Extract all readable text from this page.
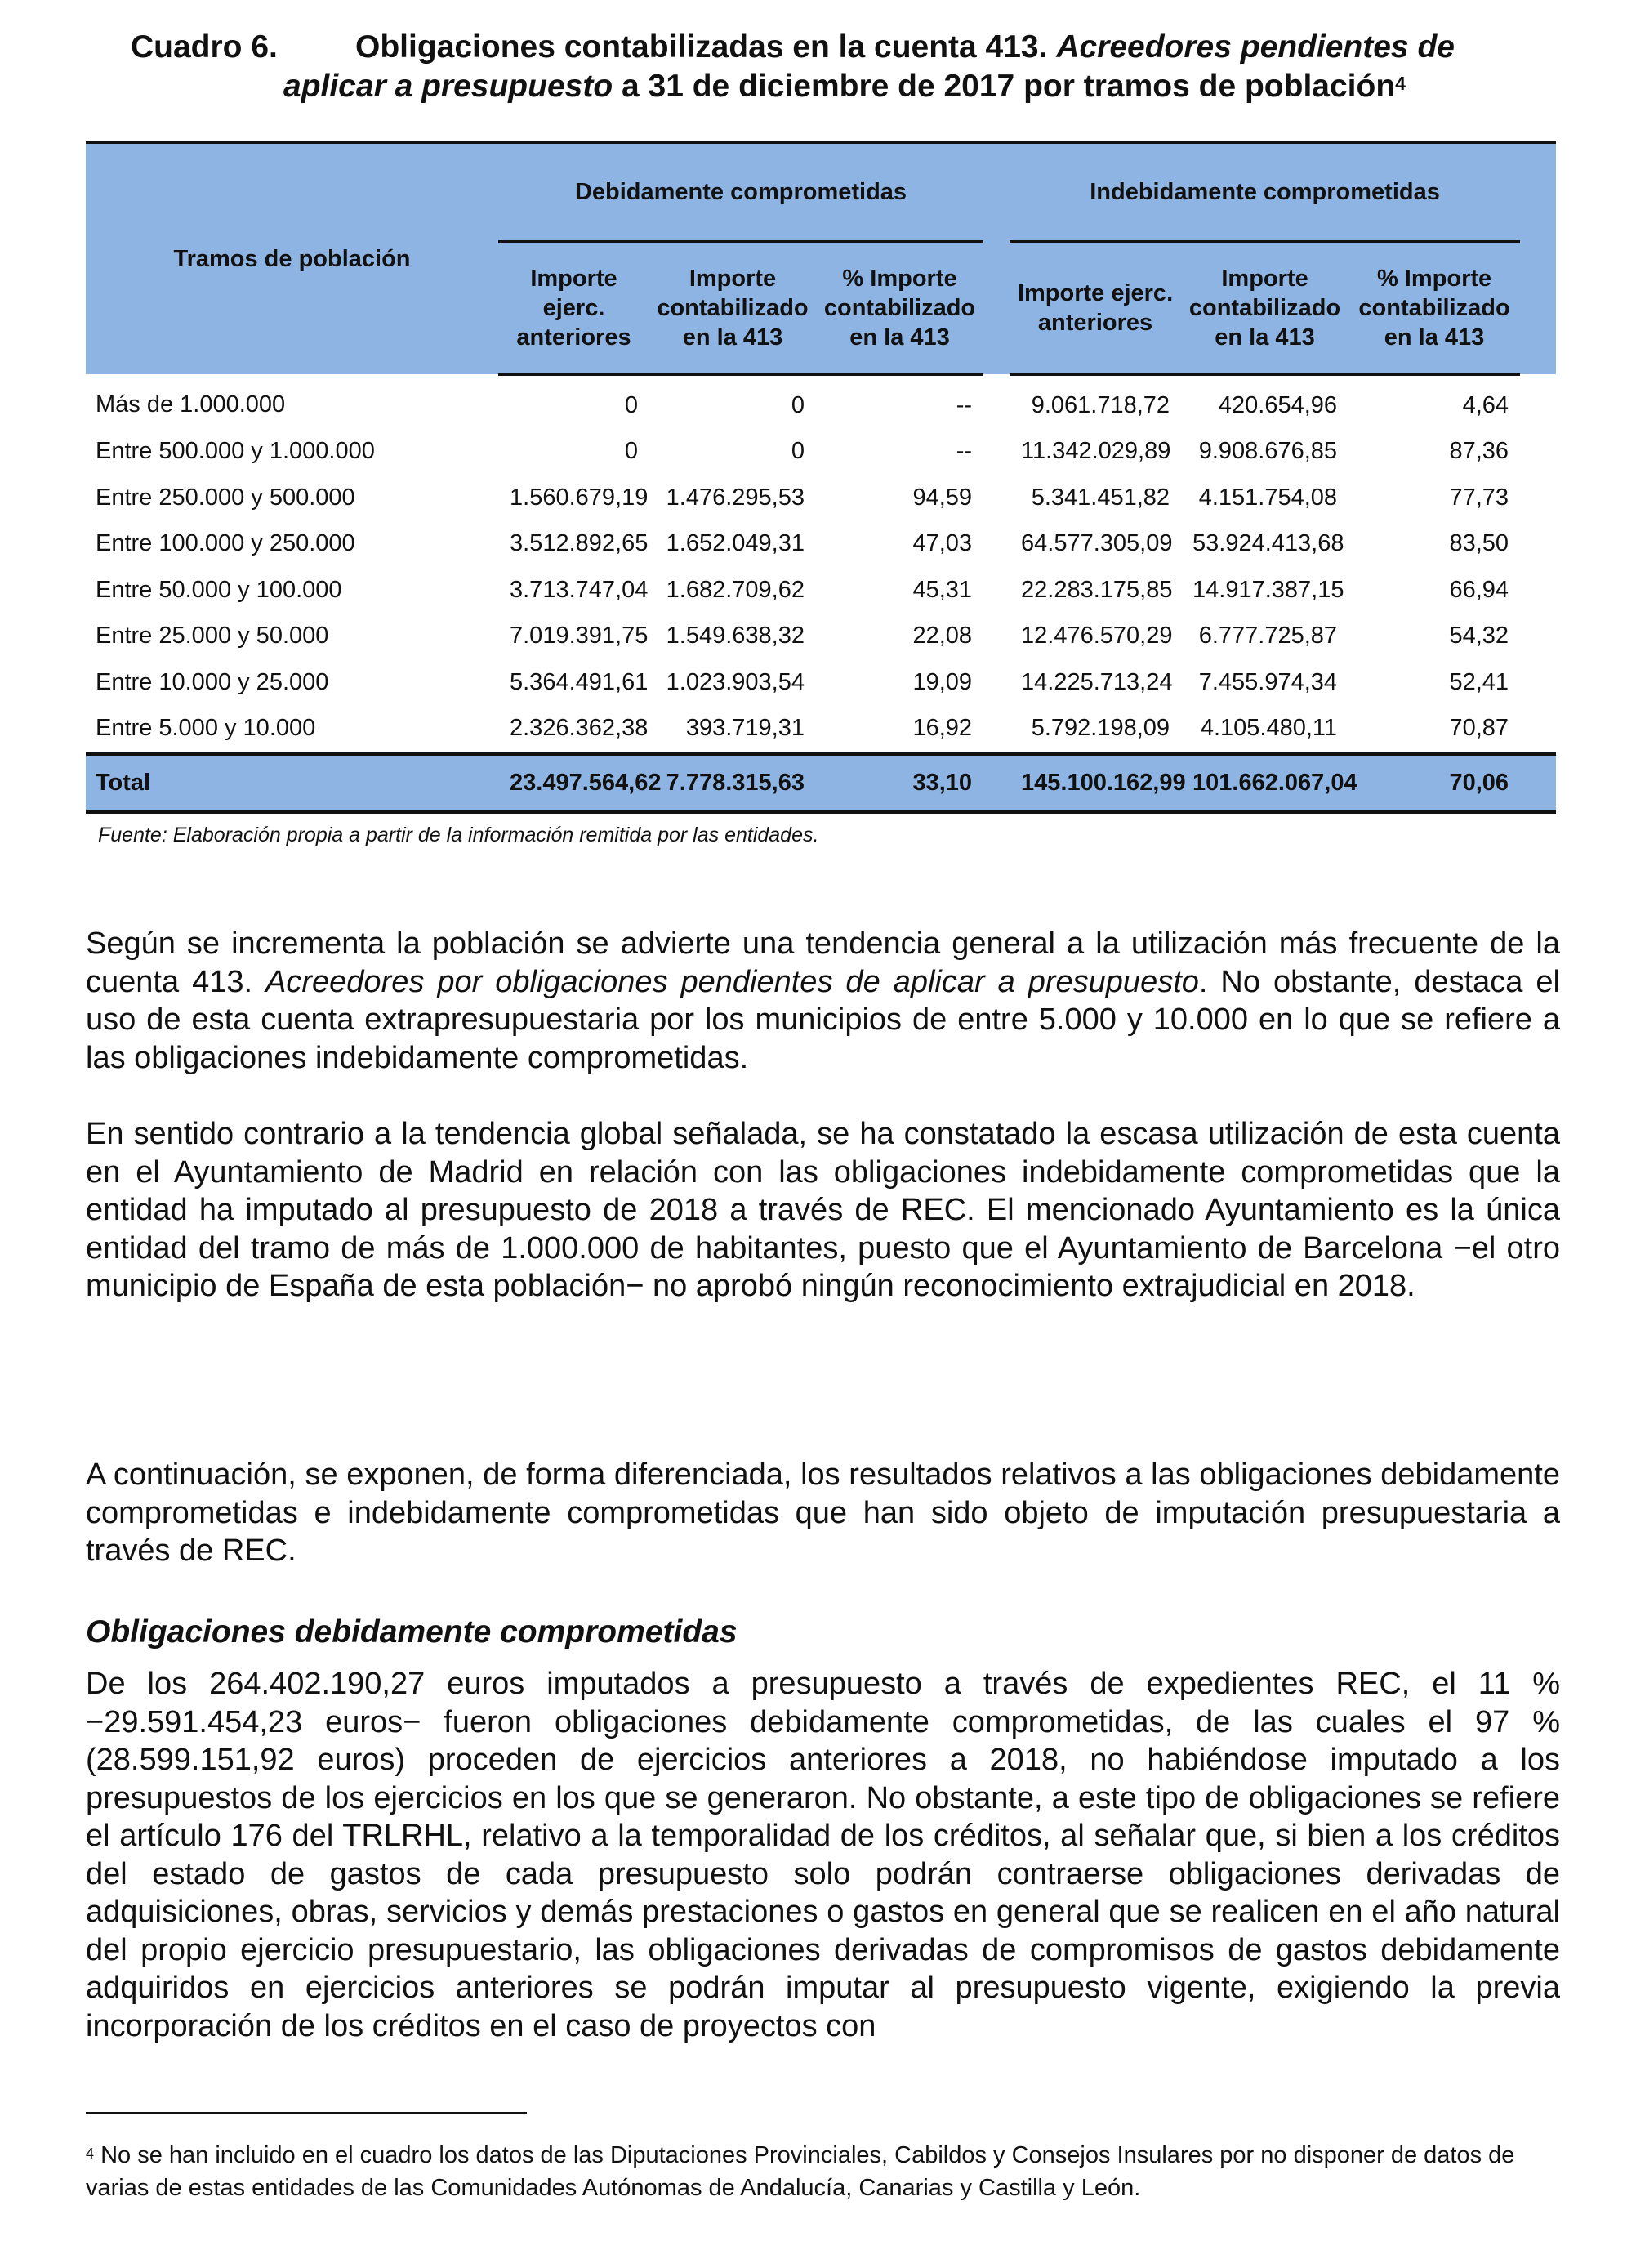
Cuadro 6. Obligaciones contabilizadas en la cuenta 413. Acreedores pendientes de
aplicar a presupuesto a 31 de diciembre de 2017 por tramos de población$^4$
Tramos de población	Debidamente comprometidas				Indebidamente comprometidas			
	Importe ejerc. anteriores	Importe contabilizado en la 413	% Importe contabilizado en la 413		Importe ejerc. anteriores	Importe contabilizado en la 413	% Importe contabilizado en la 413	
Más de 1.000.000	0	0	--		9.061.718,72	420.654,96	4,64	
Entre 500.000 y 1.000.000	0	0	--		11.342.029,89	9.908.676,85	87,36	
Entre 250.000 y 500.000	1.560.679,19	1.476.295,53	94,59		5.341.451,82	4.151.754,08	77,73	
Entre 100.000 y 250.000	3.512.892,65	1.652.049,31	47,03		64.577.305,09	53.924.413,68	83,50	
Entre 50.000 y 100.000	3.713.747,04	1.682.709,62	45,31		22.283.175,85	14.917.387,15	66,94	
Entre 25.000 y 50.000	7.019.391,75	1.549.638,32	22,08		12.476.570,29	6.777.725,87	54,32	
Entre 10.000 y 25.000	5.364.491,61	1.023.903,54	19,09		14.225.713,24	7.455.974,34	52,41	
Entre 5.000 y 10.000	2.326.362,38	393.719,31	16,92		5.792.198,09	4.105.480,11	70,87	
Total	23.497.564,62	7.778.315,63	33,10		145.100.162,99	101.662.067,04	70,06	
Fuente: Elaboración propia a partir de la información remitida por las entidades.

Según se incrementa la población se advierte una tendencia general a la utilización más frecuente de la cuenta 413. Acreedores por obligaciones pendientes de aplicar a presupuesto. No obstante, destaca el uso de esta cuenta extrapresupuestaria por los municipios de entre 5.000 y 10.000 en lo que se refiere a las obligaciones indebidamente comprometidas.

En sentido contrario a la tendencia global señalada, se ha constatado la escasa utilización de esta cuenta en el Ayuntamiento de Madrid en relación con las obligaciones indebidamente comprometidas que la entidad ha imputado al presupuesto de 2018 a través de REC. El mencionado Ayuntamiento es la única entidad del tramo de más de 1.000.000 de habitantes, puesto que el Ayuntamiento de Barcelona −el otro municipio de España de esta población− no aprobó ningún reconocimiento extrajudicial en 2018.

A continuación, se exponen, de forma diferenciada, los resultados relativos a las obligaciones debidamente comprometidas e indebidamente comprometidas que han sido objeto de imputación presupuestaria a través de REC.

Obligaciones debidamente comprometidas

De los 264.402.190,27 euros imputados a presupuesto a través de expedientes REC, el 11 % −29.591.454,23 euros− fueron obligaciones debidamente comprometidas, de las cuales el 97 % (28.599.151,92 euros) proceden de ejercicios anteriores a 2018, no habiéndose imputado a los presupuestos de los ejercicios en los que se generaron. No obstante, a este tipo de obligaciones se refiere el artículo 176 del TRLRHL, relativo a la temporalidad de los créditos, al señalar que, si bien a los créditos del estado de gastos de cada presupuesto solo podrán contraerse obligaciones derivadas de adquisiciones, obras, servicios y demás prestaciones o gastos en general que se realicen en el año natural del propio ejercicio presupuestario, las obligaciones derivadas de compromisos de gastos debidamente adquiridos en ejercicios anteriores se podrán imputar al presupuesto vigente, exigiendo la previa incorporación de los créditos en el caso de proyectos con

$^4$ No se han incluido en el cuadro los datos de las Diputaciones Provinciales, Cabildos y Consejos Insulares por no disponer de datos de varias de estas entidades de las Comunidades Autónomas de Andalucía, Canarias y Castilla y León.
